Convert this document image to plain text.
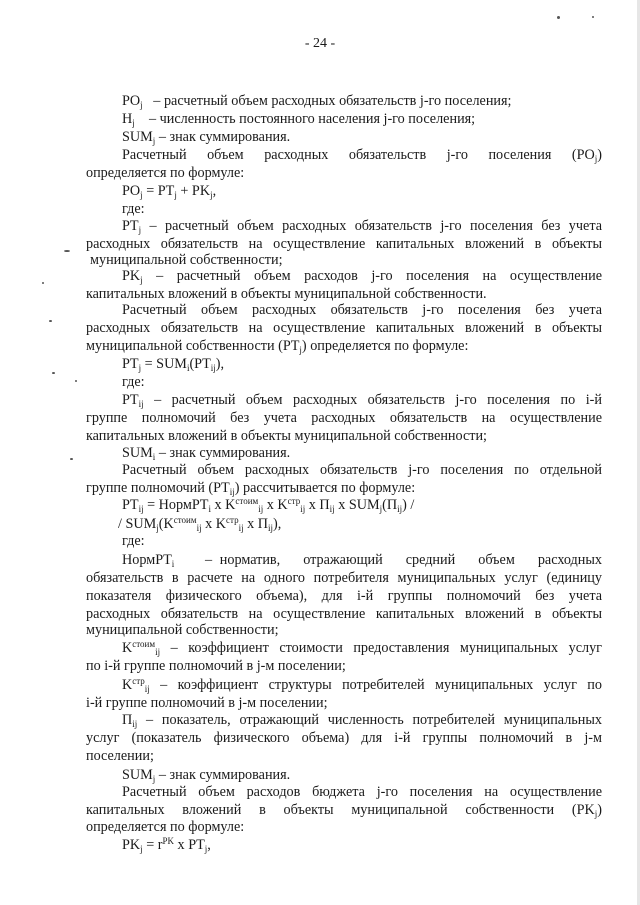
- 24 -
$PO_j$   – расчетный объем расходных обязательств j-го поселения;
$H_j$    – численность постоянного населения j-го поселения;
$SUM_j$ – знак суммирования.
Расчетный объем расходных обязательств j-го поселения $(PO_j)$
определяется по формуле:
$PO_j = PT_j + PK_j$,
где:
$PT_j$ – расчетный объем расходных обязательств j-го поселения без учета
расходных обязательств на осуществление капитальных вложений в объекты
муниципальной собственности;
$PK_j$ – расчетный объем расходов j-го поселения на осуществление
капитальных вложений в объекты муниципальной собственности.
Расчетный объем расходных обязательств j-го поселения без учета
расходных обязательств на осуществление капитальных вложений в объекты
муниципальной собственности $(PT_j)$ определяется по формуле:
$PT_j = SUM_i(PT_{ij})$,
где:
$PT_{ij}$ – расчетный объем расходных обязательств j-го поселения по i-й
группе полномочий без учета расходных обязательств на осуществление
капитальных вложений в объекты муниципальной собственности;
$SUM_i$ – знак суммирования.
Расчетный объем расходных обязательств j-го поселения по отдельной
группе полномочий $(PT_{ij})$ рассчитывается по формуле:
$PT_{ij}$ = НормPT$_i$ x $K^{стоим}_{ij}$ x $K^{стр}_{ij}$ x $П_{ij}$ x $SUM_j(П_{ij})$ /
/ $SUM_j(K^{стоим}_{ij}$ x $K^{стр}_{ij}$ x $П_{ij}$),
где:
НормPT$_i$    – норматив,   отражающий   средний   объем   расходных
обязательств в расчете на одного потребителя муниципальных услуг (единицу
показателя физического объема), для i-й группы полномочий без учета
расходных обязательств на осуществление капитальных вложений в объекты
муниципальной собственности;
$K^{стоим}_{ij}$ – коэффициент стоимости предоставления муниципальных услуг
по i-й группе полномочий в j-м поселении;
$K^{стр}_{ij}$ – коэффициент структуры потребителей муниципальных услуг по
i-й группе полномочий в j-м поселении;
$П_{ij}$ – показатель, отражающий численность потребителей муниципальных
услуг (показатель физического объема) для i-й группы полномочий в j-м
поселении;
$SUM_j$ – знак суммирования.
Расчетный объем расходов бюджета j-го поселения на осуществление
капитальных вложений в объекты муниципальной собственности $(PK_j)$
определяется по формуле:
$PK_j = r^{PK}$ x $PT_j$,
